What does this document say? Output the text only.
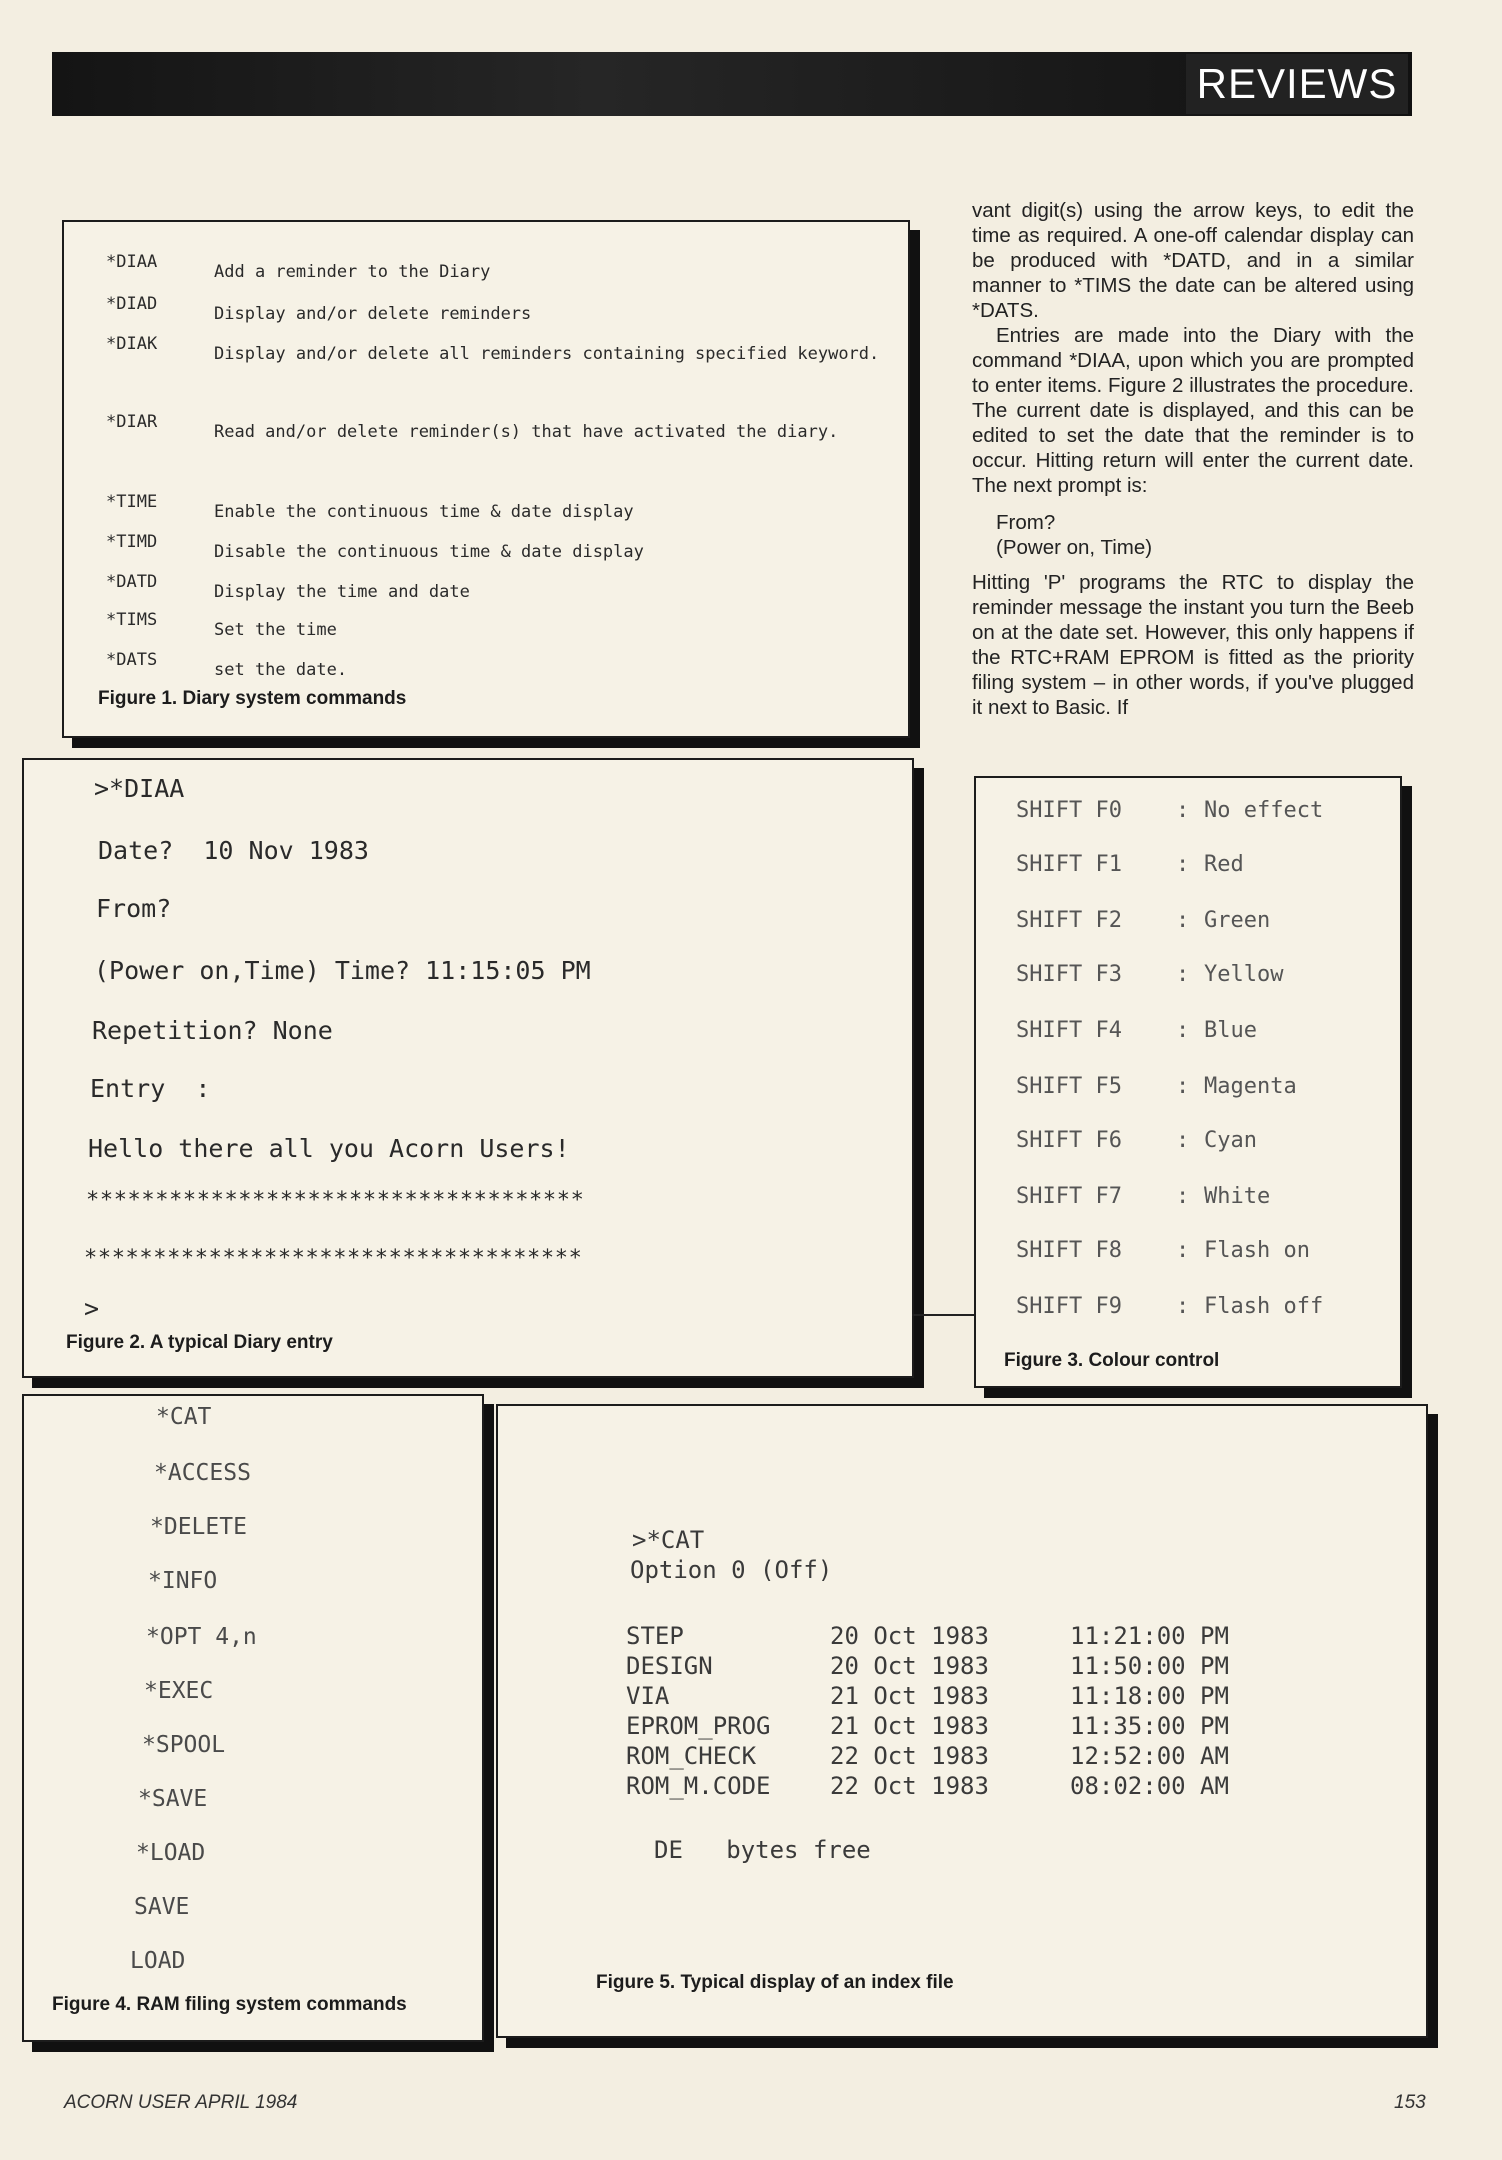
REVIEWS
*DIAA	Add a reminder to the Diary
*DIAD	Display and/or delete reminders
*DIAK	Display and/or delete all reminders containing specified keyword.
*DIAR	Read and/or delete reminder(s) that have activated the diary.
*TIME	Enable the continuous time & date display
*TIMD	Disable the continuous time & date display
*DATD	Display the time and date
*TIMS	Set the time
*DATS	set the date.
Figure 1. Diary system commands
>*DIAA
Date?  10 Nov 1983
From?
(Power on,Time) Time? 11:15:05 PM
Repetition? None
Entry  :
Hello there all you Acorn Users!
************************************
************************************
>
Figure 2. A typical Diary entry
SHIFT F0 : No effect
SHIFT F1 : Red
SHIFT F2 : Green
SHIFT F3 : Yellow
SHIFT F4 : Blue
SHIFT F5 : Magenta
SHIFT F6 : Cyan
SHIFT F7 : White
SHIFT F8 : Flash on
SHIFT F9 : Flash off
Figure 3. Colour control
*CAT
*ACCESS
*DELETE
*INFO
*OPT 4,n
*EXEC
*SPOOL
*SAVE
*LOAD
SAVE
LOAD
Figure 4. RAM filing system commands
>*CAT
Option 0 (Off)
STEP	20 Oct 1983	11:21:00 PM
DESIGN	20 Oct 1983	11:50:00 PM
VIA	21 Oct 1983	11:18:00 PM
EPROM_PROG 21 Oct 1983	11:35:00 PM
ROM_CHECK	22 Oct 1983	12:52:00 AM
ROM_M.CODE 22 Oct 1983	08:02:00 AM
DE   bytes free
Figure 5. Typical display of an index file

vant digit(s) using the arrow keys, to edit the time as required. A one-off calendar display can be produced with *DATD, and in a similar manner to *TIMS the date can be altered using *DATS.

Entries are made into the Diary with the command *DIAA, upon which you are prompted to enter items. Figure 2 illustrates the procedure. The current date is displayed, and this can be edited to set the date that the reminder is to occur. Hitting return will enter the current date. The next prompt is:

From?
(Power on, Time)

Hitting 'P' programs the RTC to display the reminder message the instant you turn the Beeb on at the date set. However, this only happens if the RTC+RAM EPROM is fitted as the priority filing system – in other words, if you've plugged it next to Basic. If

ACORN USER APRIL 1984	153
